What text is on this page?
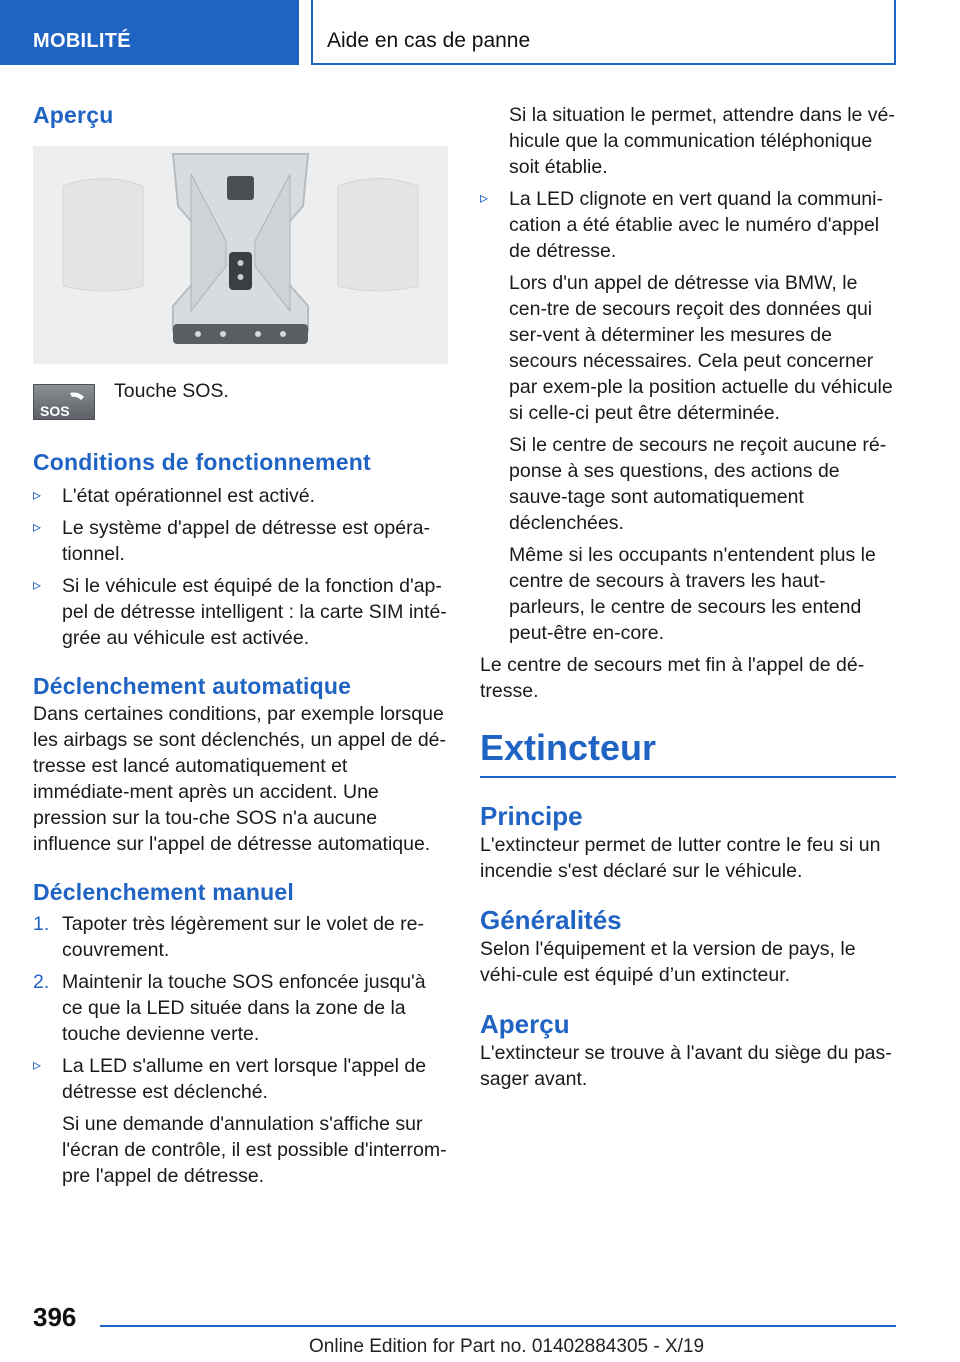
MOBILITÉ	Aide en cas de panne
Aperçu
SOS

Touche SOS.

Conditions de fonctionnement
▹ L'état opérationnel est activé.

▹ Le système d'appel de détresse est opéra-tionnel.

▹ Si le véhicule est équipé de la fonction d'ap-pel de détresse intelligent : la carte SIM inté-grée au véhicule est activée.

Déclenchement automatique

Dans certaines conditions, par exemple lorsque les airbags se sont déclenchés, un appel de dé-tresse est lancé automatiquement et immédiate-ment après un accident. Une pression sur la tou-che SOS n'a aucune influence sur l'appel de détresse automatique.

Déclenchement manuel
1. Tapoter très légèrement sur le volet de re-couvrement.

2. Maintenir la touche SOS enfoncée jusqu'à ce que la LED située dans la zone de la touche devienne verte.

▹ La LED s'allume en vert lorsque l'appel de détresse est déclenché.

Si une demande d'annulation s'affiche sur l'écran de contrôle, il est possible d'interrom-pre l'appel de détresse.

Si la situation le permet, attendre dans le vé-hicule que la communication téléphonique soit établie.

▹ La LED clignote en vert quand la communi-cation a été établie avec le numéro d'appel de détresse.

Lors d'un appel de détresse via BMW, le cen-tre de secours reçoit des données qui ser-vent à déterminer les mesures de secours nécessaires. Cela peut concerner par exem-ple la position actuelle du véhicule si celle-ci peut être déterminée.

Si le centre de secours ne reçoit aucune ré-ponse à ses questions, des actions de sauve-tage sont automatiquement déclenchées.

Même si les occupants n'entendent plus le centre de secours à travers les haut-parleurs, le centre de secours les entend peut-être en-core.

Le centre de secours met fin à l'appel de dé-tresse.

Extincteur
Principe

L'extincteur permet de lutter contre le feu si un incendie s'est déclaré sur le véhicule.

Généralités

Selon l'équipement et la version de pays, le véhi-cule est équipé d’un extincteur.

Aperçu

L'extincteur se trouve à l'avant du siège du pas-sager avant.

396
Online Edition for Part no. 01402884305 - X/19
